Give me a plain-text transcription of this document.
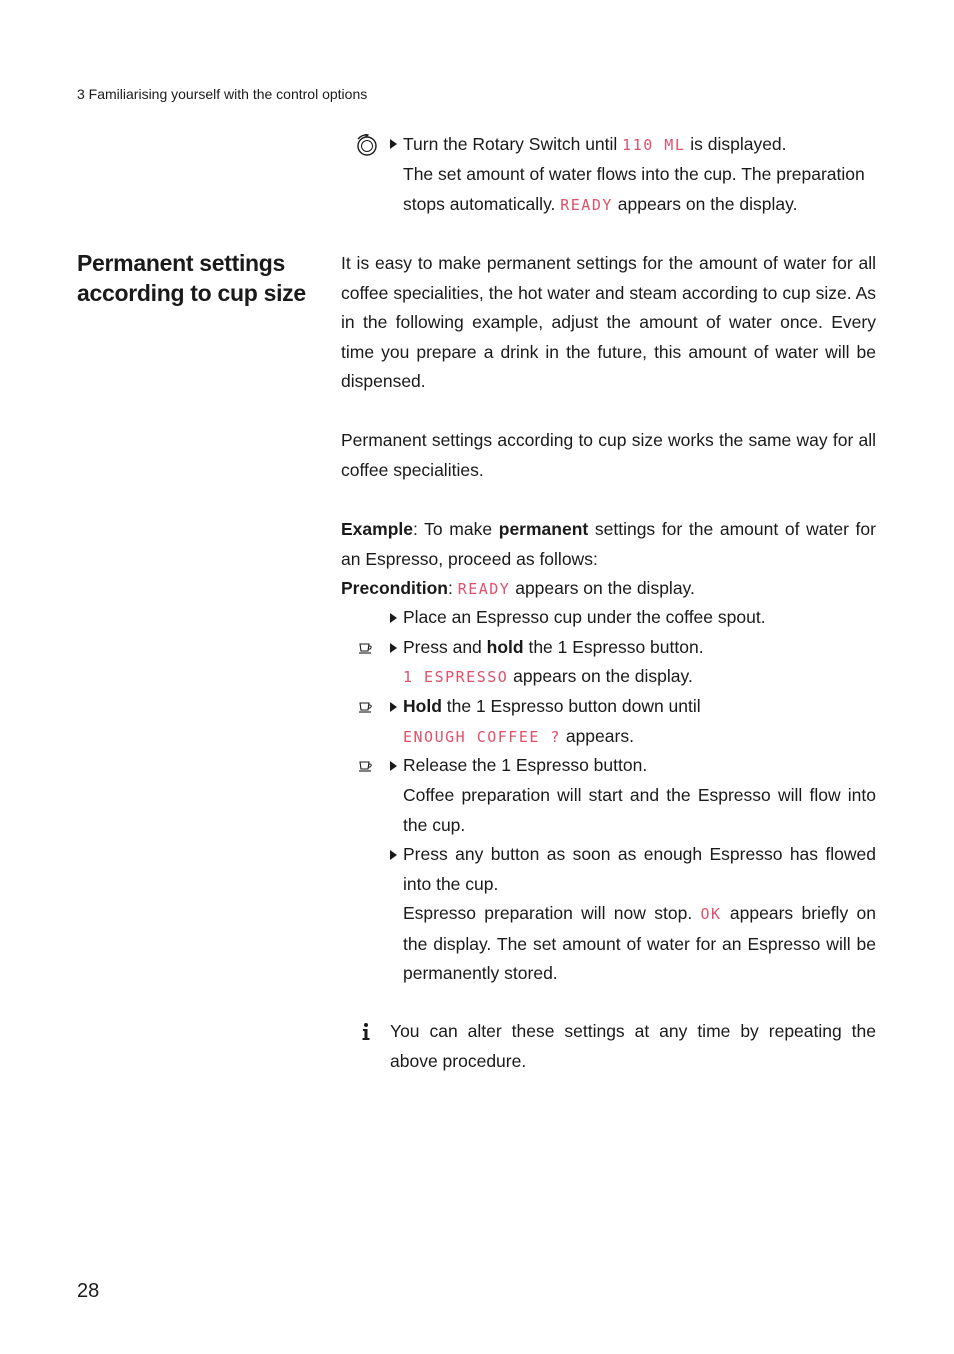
3 Familiarising yourself with the control options
Turn the Rotary Switch until 110 ML is displayed.
The set amount of water flows into the cup. The preparation
stops automatically. READY appears on the display.
Permanent settings according to cup size
It is easy to make permanent settings for the amount of water for all coffee specialities, the hot water and steam according to cup size. As in the following example, adjust the amount of water once. Every time you prepare a drink in the future, this amount of water will be dispensed.
Permanent settings according to cup size works the same way for all coffee specialities.
Example: To make permanent settings for the amount of water for an Espresso, proceed as follows:
Precondition: READY appears on the display.
Place an Espresso cup under the coffee spout.
Press and hold the 1 Espresso button.
1 ESPRESSO appears on the display.
Hold the 1 Espresso button down until
ENOUGH COFFEE ? appears.
Release the 1 Espresso button.
Coffee preparation will start and the Espresso will flow into the cup.
Press any button as soon as enough Espresso has flowed into the cup.
Espresso preparation will now stop. OK appears briefly on the display. The set amount of water for an Espresso will be permanently stored.
You can alter these settings at any time by repeating the above procedure.
28
